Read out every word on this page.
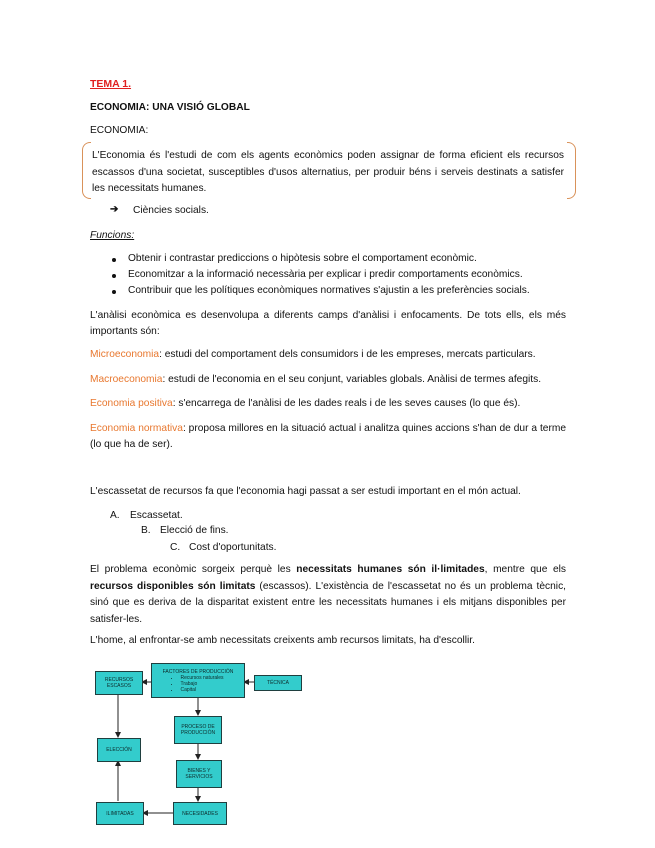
TEMA 1.
ECONOMIA: UNA VISIÓ GLOBAL
ECONOMIA:
L'Economia és l'estudi de com els agents econòmics poden assignar de forma eficient els recursos escassos d'una societat, susceptibles d'usos alternatius, per produir béns i serveis destinats a satisfer les necessitats humanes.
➔ Ciències socials.
Funcions:
Obtenir i contrastar prediccions o hipòtesis sobre el comportament econòmic.
Economitzar a la informació necessària per explicar i predir comportaments econòmics.
Contribuir que les polítiques econòmiques normatives s'ajustin a les preferències socials.
L'anàlisi econòmica es desenvolupa a diferents camps d'anàlisi i enfocaments. De tots ells, els més importants són:
Microeconomia: estudi del comportament dels consumidors i de les empreses, mercats particulars.
Macroeconomia: estudi de l'economia en el seu conjunt, variables globals. Anàlisi de termes afegits.
Economia positiva: s'encarrega de l'anàlisi de les dades reals i de les seves causes (lo que és).
Economia normativa: proposa millores en la situació actual i analitza quines accions s'han de dur a terme (lo que ha de ser).
L'escassetat de recursos fa que l'economia hagi passat a ser estudi important en el món actual.
A. Escassetat.
B. Elecció de fins.
C. Cost d'oportunitats.
El problema econòmic sorgeix perquè les necessitats humanes són il·limitades, mentre que els recursos disponibles són limitats (escassos). L'existència de l'escassetat no és un problema tècnic, sinó que es deriva de la disparitat existent entre les necessitats humanes i els mitjans disponibles per satisfer-les.
L'home, al enfrontar-se amb necessitats creixents amb recursos limitats, ha d'escollir.
RECURSOS ESCASOS
FACTORES DE PRODUCCIÓN
• Recursos naturales
• Trabajo
• Capital
TÉCNICA
PROCESO DE PRODUCCIÓN
ELECCIÓN
BIENES Y SERVICIOS
ILIMITADAS	NECESIDADES
